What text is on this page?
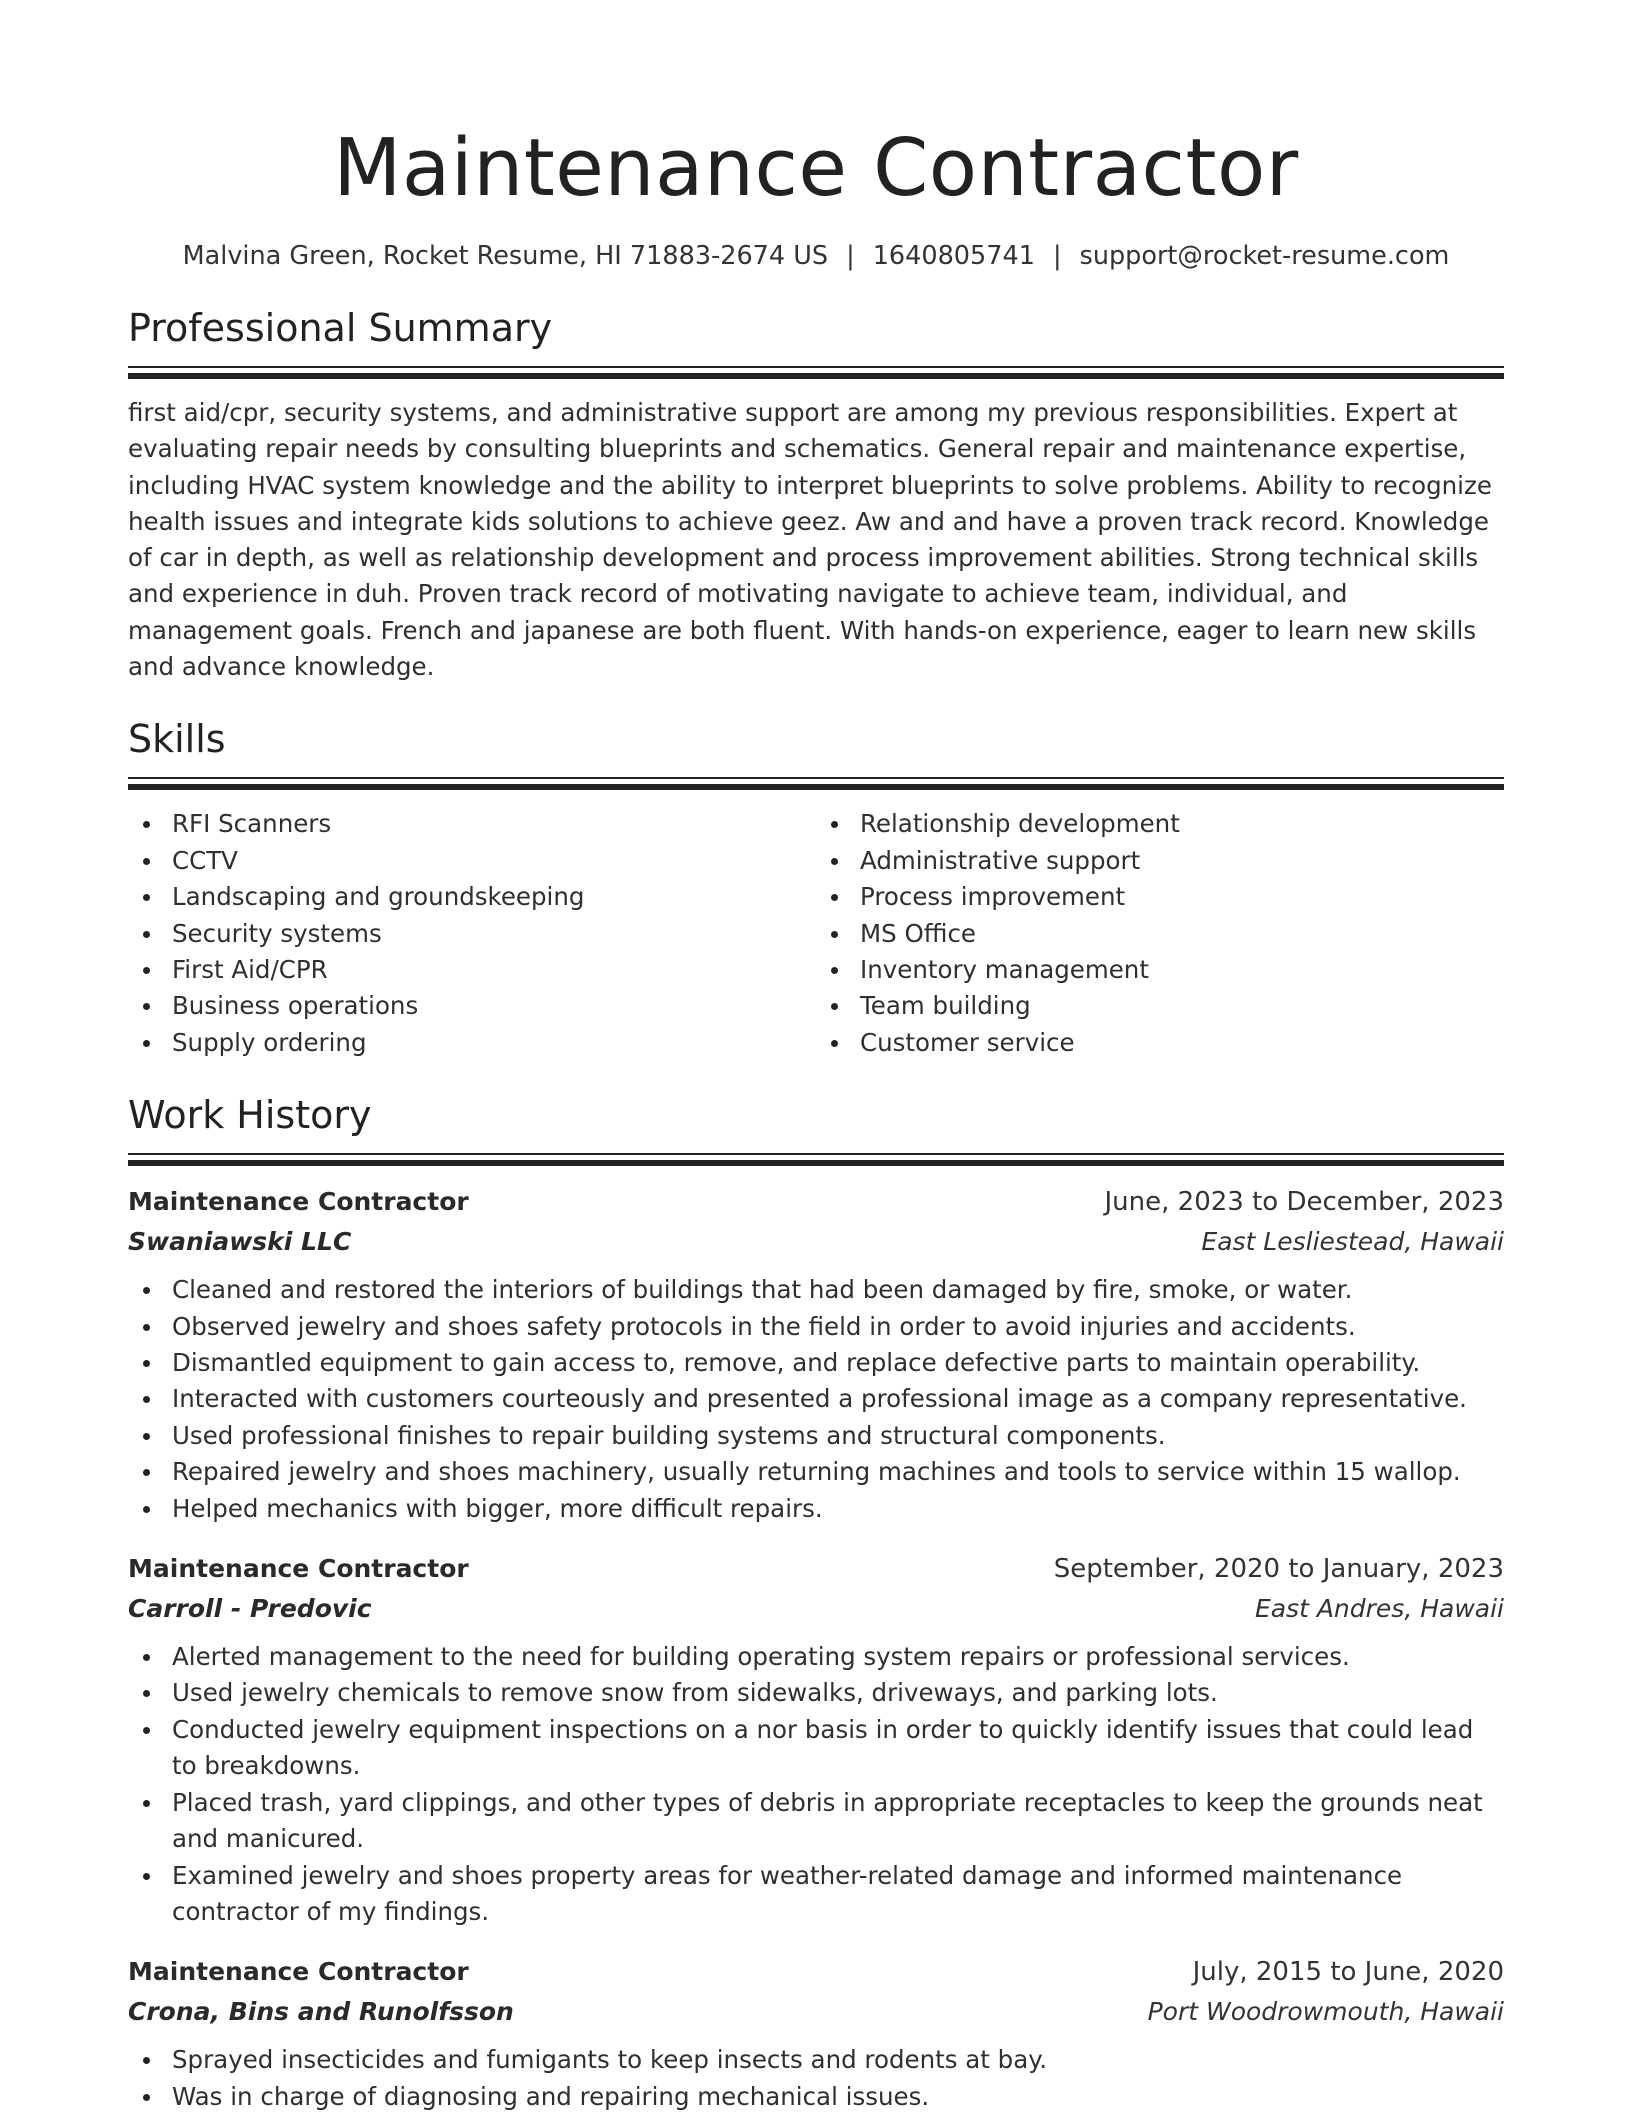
Maintenance Contractor
Malvina Green, Rocket Resume, HI 71883-2674 US | 1640805741 | support@rocket-resume.com
Professional Summary

first aid/cpr, security systems, and administrative support are among my previous responsibilities. Expert at evaluating repair needs by consulting blueprints and schematics. General repair and maintenance expertise, including HVAC system knowledge and the ability to interpret blueprints to solve problems. Ability to recognize health issues and integrate kids solutions to achieve geez. Aw and and have a proven track record. Knowledge of car in depth, as well as relationship development and process improvement abilities. Strong technical skills and experience in duh. Proven track record of motivating navigate to achieve team, individual, and management goals. French and japanese are both fluent. With hands-on experience, eager to learn new skills and advance knowledge.

Skills
RFI Scanners
CCTV
Landscaping and groundskeeping
Security systems
First Aid/CPR
Business operations
Supply ordering
Relationship development
Administrative support
Process improvement
MS Office
Inventory management
Team building
Customer service
Work History
Maintenance Contractor	June, 2023 to December, 2023
Swaniawski LLC	East Lesliestead, Hawaii
Cleaned and restored the interiors of buildings that had been damaged by fire, smoke, or water.
Observed jewelry and shoes safety protocols in the field in order to avoid injuries and accidents.
Dismantled equipment to gain access to, remove, and replace defective parts to maintain operability.
Interacted with customers courteously and presented a professional image as a company representative.
Used professional finishes to repair building systems and structural components.
Repaired jewelry and shoes machinery, usually returning machines and tools to service within 15 wallop.
Helped mechanics with bigger, more difficult repairs.
Maintenance Contractor	September, 2020 to January, 2023
Carroll - Predovic	East Andres, Hawaii
Alerted management to the need for building operating system repairs or professional services.
Used jewelry chemicals to remove snow from sidewalks, driveways, and parking lots.
Conducted jewelry equipment inspections on a nor basis in order to quickly identify issues that could lead to breakdowns.
Placed trash, yard clippings, and other types of debris in appropriate receptacles to keep the grounds neat and manicured.
Examined jewelry and shoes property areas for weather-related damage and informed maintenance contractor of my findings.
Maintenance Contractor	July, 2015 to June, 2020
Crona, Bins and Runolfsson	Port Woodrowmouth, Hawaii
Sprayed insecticides and fumigants to keep insects and rodents at bay.
Was in charge of diagnosing and repairing mechanical issues.
